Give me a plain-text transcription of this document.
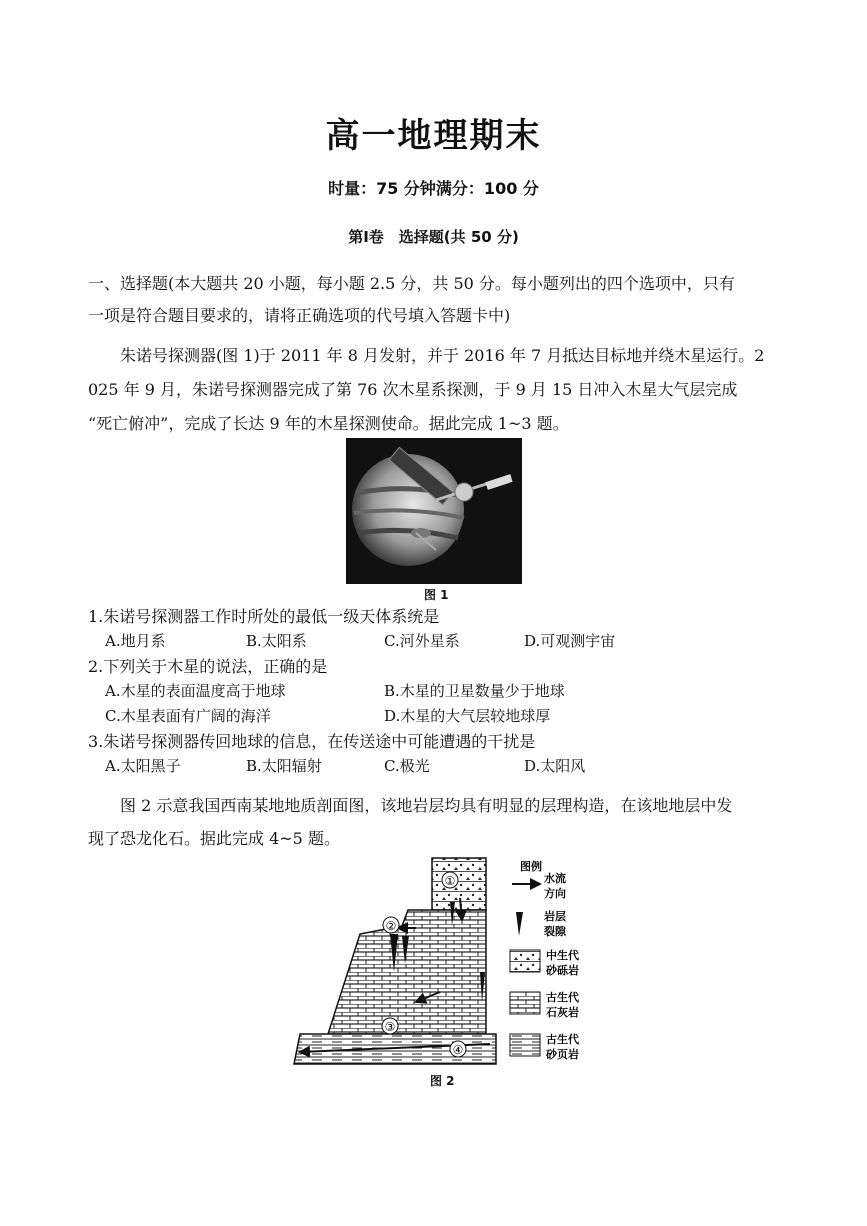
高一地理期末
时量：75 分钟满分：100 分
第Ⅰ卷　选择题(共 50 分)
一、选择题(本大题共 20 小题，每小题 2.5 分，共 50 分。每小题列出的四个选项中，只有
一项是符合题目要求的，请将正确选项的代号填入答题卡中)
朱诺号探测器(图 1)于 2011 年 8 月发射，并于 2016 年 7 月抵达目标地并绕木星运行。2
025 年 9 月，朱诺号探测器完成了第 76 次木星系探测，于 9 月 15 日冲入木星大气层完成
“死亡俯冲”，完成了长达 9 年的木星探测使命。据此完成 1~3 题。
图 1
1.朱诺号探测器工作时所处的最低一级天体系统是
A.地月系	B.太阳系	C.河外星系	D.可观测宇宙
2.下列关于木星的说法，正确的是
A.木星的表面温度高于地球	B.木星的卫星数量少于地球
C.木星表面有广阔的海洋	D.木星的大气层较地球厚
3.朱诺号探测器传回地球的信息，在传送途中可能遭遇的干扰是
A.太阳黑子	B.太阳辐射	C.极光	D.太阳风
图 2 示意我国西南某地地质剖面图，该地岩层均具有明显的层理构造，在该地地层中发
现了恐龙化石。据此完成 4~5 题。
①
②
③
④
图例
水流
方向
岩层
裂隙
中生代
砂砾岩
古生代
石灰岩
古生代
砂页岩
图 2
